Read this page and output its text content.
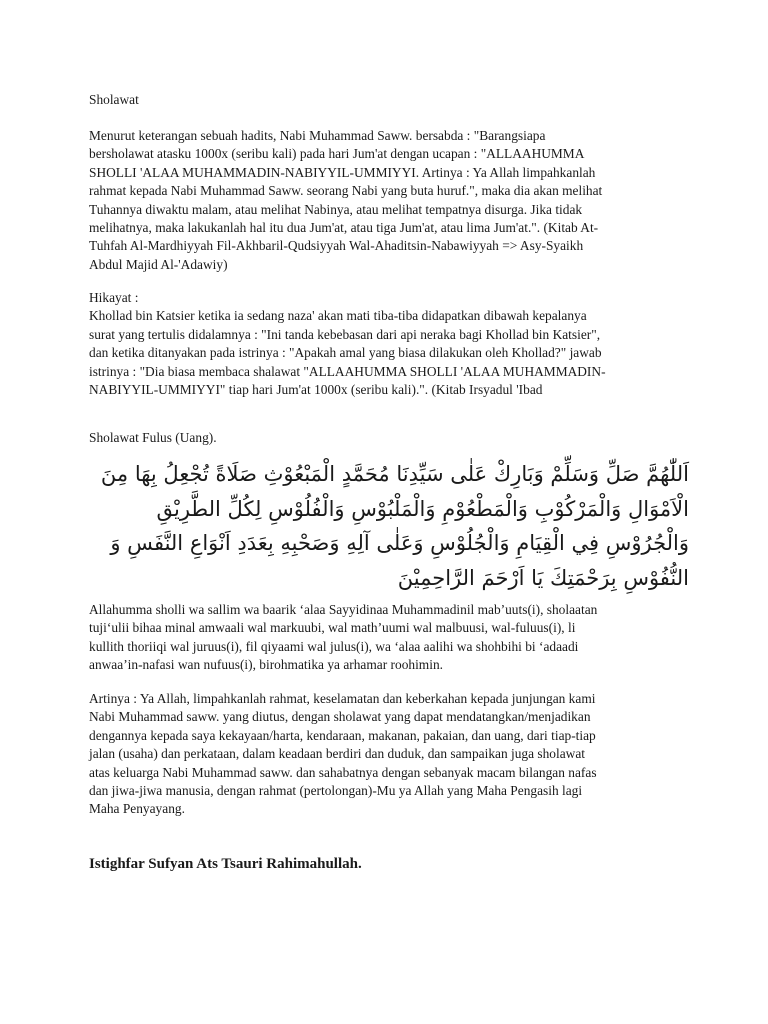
Sholawat

Menurut keterangan sebuah hadits, Nabi Muhammad Saww. bersabda : "Barangsiapa
bersholawat atasku 1000x (seribu kali) pada hari Jum'at dengan ucapan : "ALLAAHUMMA
SHOLLI 'ALAA MUHAMMADIN-NABIYYIL-UMMIYYI. Artinya : Ya Allah limpahkanlah
rahmat kepada Nabi Muhammad Saww. seorang Nabi yang buta huruf.", maka dia akan melihat
Tuhannya diwaktu malam, atau melihat Nabinya, atau melihat tempatnya disurga. Jika tidak
melihatnya, maka lakukanlah hal itu dua Jum'at, atau tiga Jum'at, atau lima Jum'at.". (Kitab At-
Tuhfah Al-Mardhiyyah Fil-Akhbaril-Qudsiyyah Wal-Ahaditsin-Nabawiyyah => Asy-Syaikh
Abdul Majid Al-'Adawiy)

Hikayat :
Khollad bin Katsier ketika ia sedang naza' akan mati tiba-tiba didapatkan dibawah kepalanya
surat yang tertulis didalamnya : "Ini tanda kebebasan dari api neraka bagi Khollad bin Katsier",
dan ketika ditanyakan pada istrinya : "Apakah amal yang biasa dilakukan oleh Khollad?" jawab
istrinya : "Dia biasa membaca shalawat "ALLAAHUMMA SHOLLI 'ALAA MUHAMMADIN-
NABIYYIL-UMMIYYI" tiap hari Jum'at 1000x (seribu kali).". (Kitab Irsyadul 'Ibad

Sholawat Fulus (Uang).

اَللّٰهُمَّ صَلِّ وَسَلِّمْ وَبَارِكْ عَلٰى سَيِّدِنَا مُحَمَّدٍ الْمَبْعُوْثِ صَلَاةً تُجْعِلُ بِهَا مِنَ الْاَمْوَالِ وَالْمَرْكُوْبِ وَالْمَطْعُوْمِ وَالْمَلْبُوْسِ وَالْفُلُوْسِ لِكُلِّ الطَّرِيْقِ وَالْجُرُوْسِ فِي الْقِيَامِ وَالْجُلُوْسِ وَعَلٰى آلِهِ وَصَحْبِهِ بِعَدَدِ اَنْوَاعِ النَّفَسِ وَ النُّفُوْسِ بِرَحْمَتِكَ يَا اَرْحَمَ الرَّاحِمِيْنَ

Allahumma sholli wa sallim wa baarik ‘alaa Sayyidinaa Muhammadinil mab’uuts(i), sholaatan
tuji‘ulii bihaa minal amwaali wal markuubi, wal math’uumi wal malbuusi, wal-fuluus(i), li
kullith thoriiqi wal juruus(i), fil qiyaami wal julus(i), wa ‘alaa aalihi wa shohbihi bi ‘adaadi
anwaa’in-nafasi wan nufuus(i), birohmatika ya arhamar roohimin.

Artinya : Ya Allah, limpahkanlah rahmat, keselamatan dan keberkahan kepada junjungan kami
Nabi Muhammad saww. yang diutus, dengan sholawat yang dapat mendatangkan/menjadikan
dengannya kepada saya kekayaan/harta, kendaraan, makanan, pakaian, dan uang, dari tiap-tiap
jalan (usaha) dan perkataan, dalam keadaan berdiri dan duduk, dan sampaikan juga sholawat
atas keluarga Nabi Muhammad saww. dan sahabatnya dengan sebanyak macam bilangan nafas
dan jiwa-jiwa manusia, dengan rahmat (pertolongan)-Mu ya Allah yang Maha Pengasih lagi
Maha Penyayang.

Istighfar Sufyan Ats Tsauri Rahimahullah.
